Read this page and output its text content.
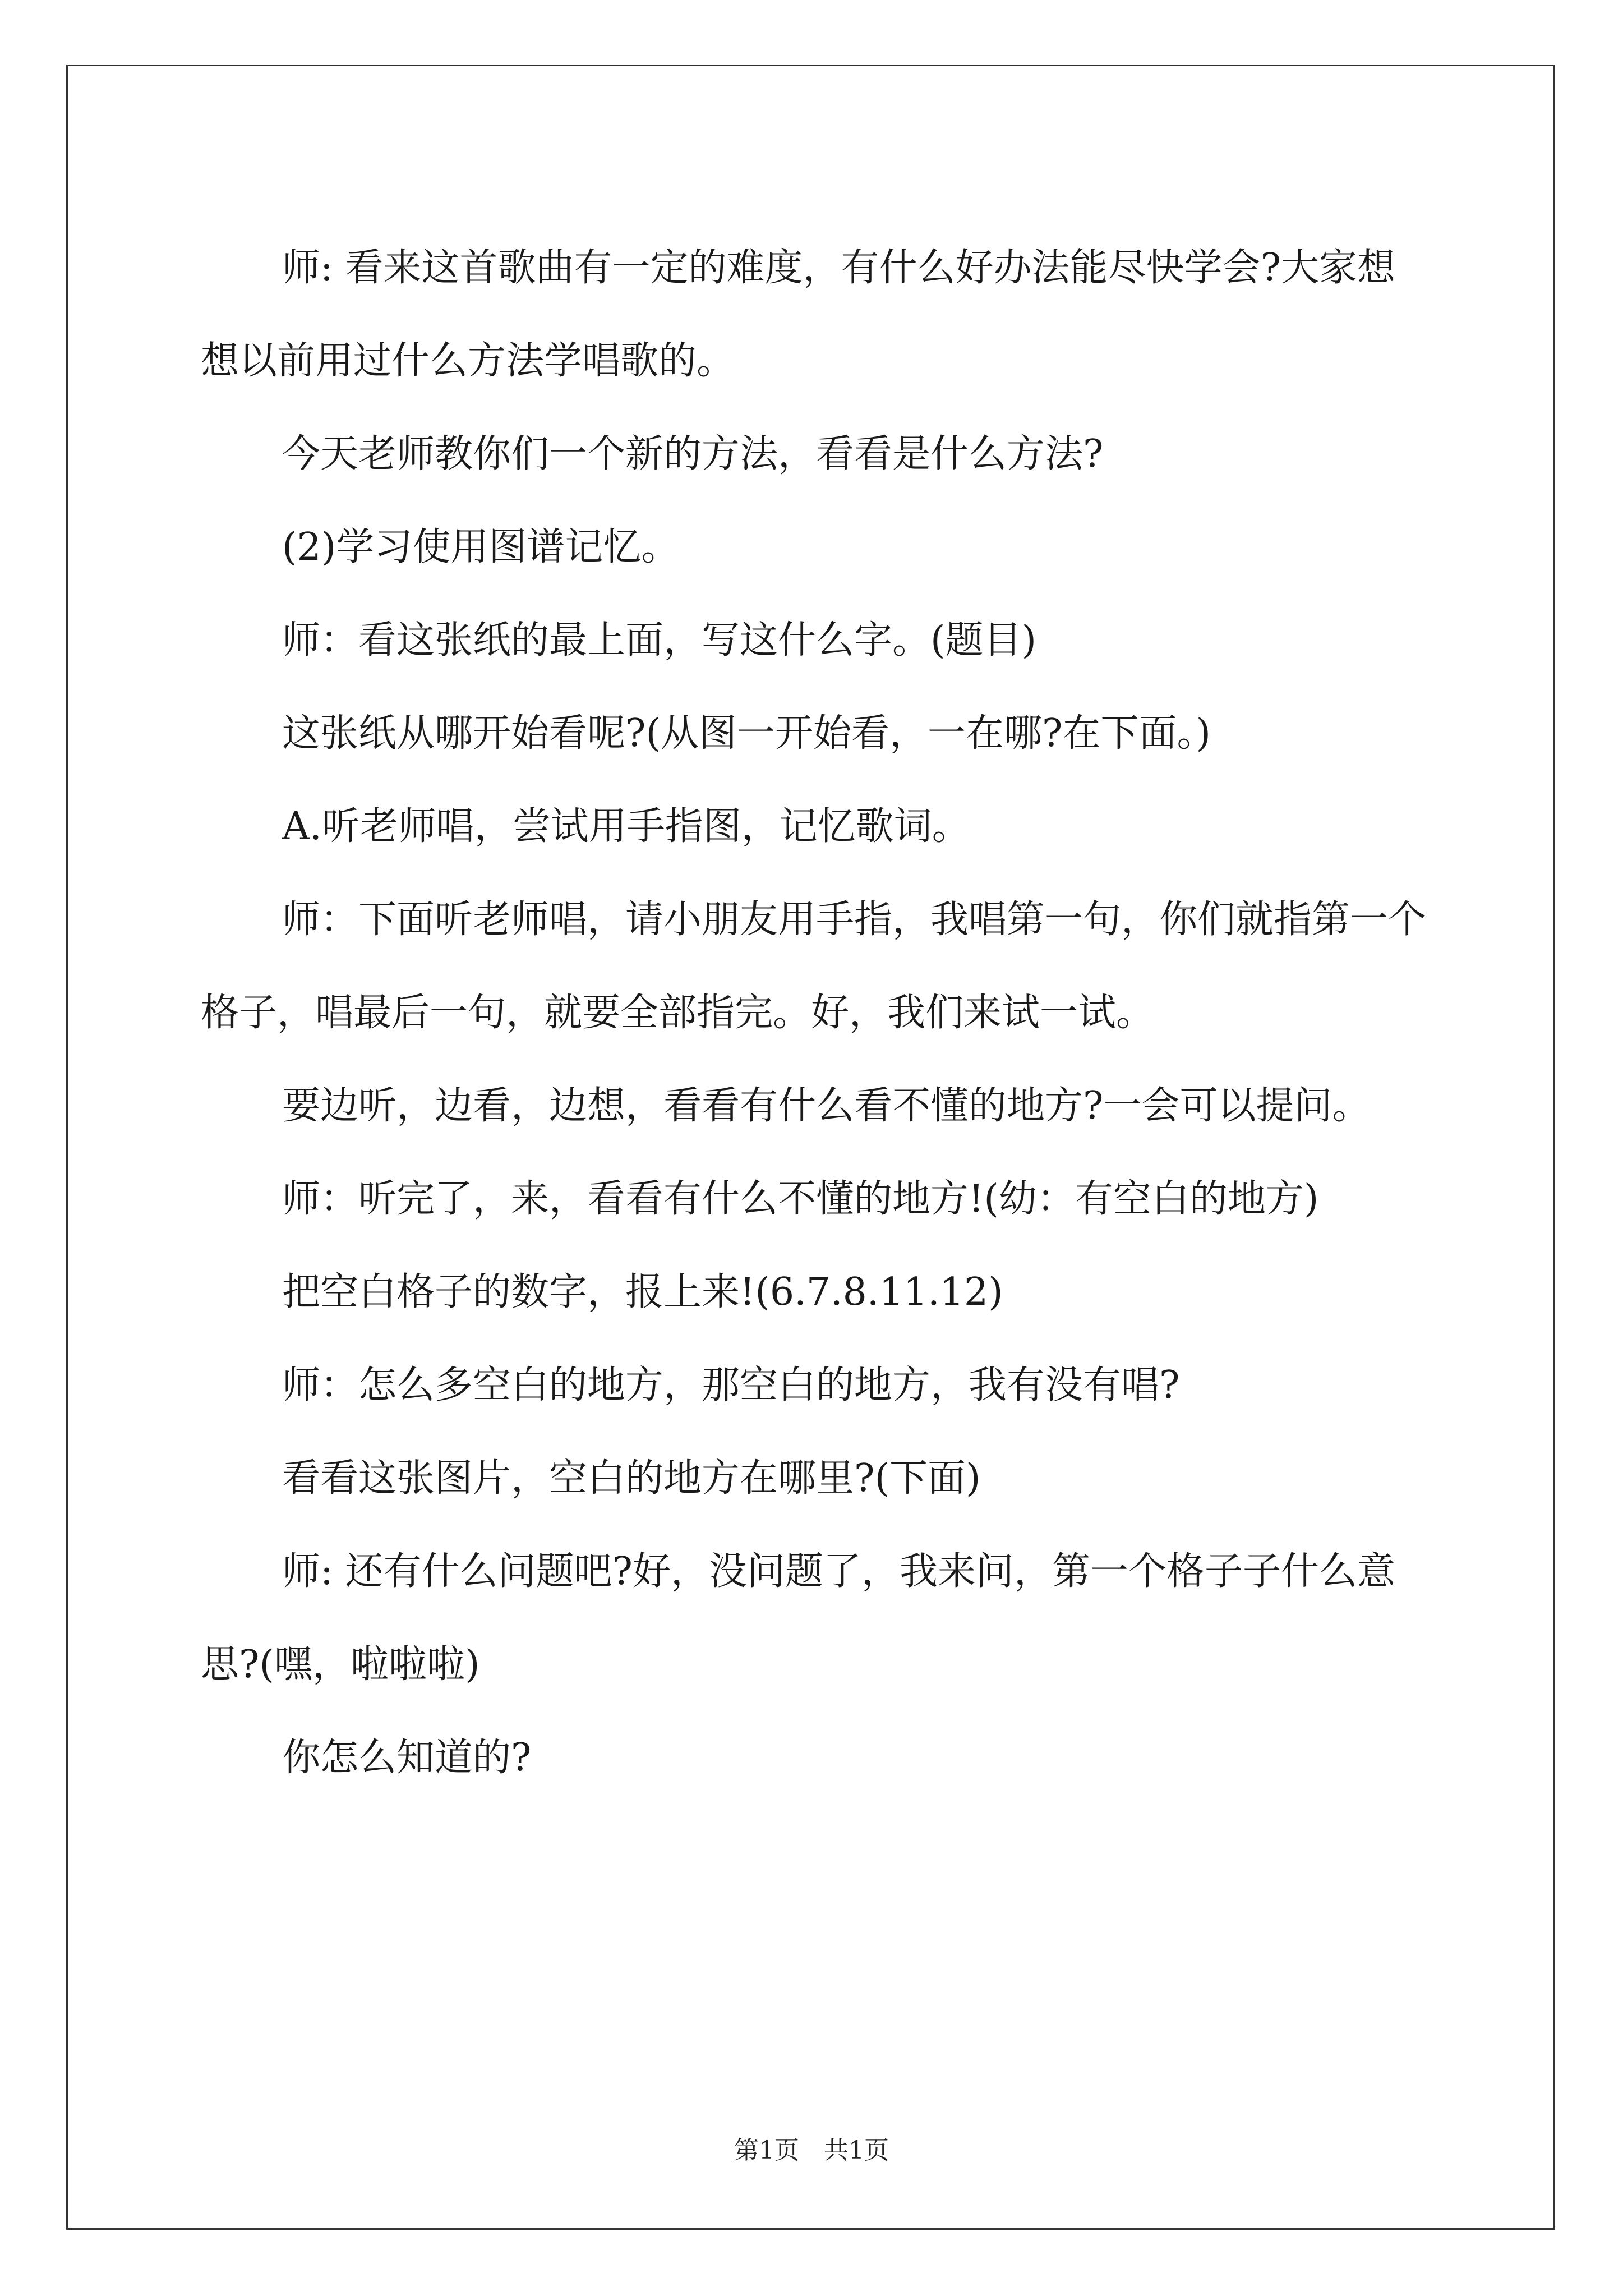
师: 看来这首歌曲有一定的难度，有什么好办法能尽快学会?大家想想以前用过什么方法学唱歌的。

今天老师教你们一个新的方法，看看是什么方法?

(2)学习使用图谱记忆。

师：看这张纸的最上面，写这什么字。(题目)

这张纸从哪开始看呢?(从图一开始看，一在哪?在下面。)

A.听老师唱，尝试用手指图，记忆歌词。

师：下面听老师唱，请小朋友用手指，我唱第一句，你们就指第一个格子，唱最后一句，就要全部指完。好，我们来试一试。

要边听，边看，边想，看看有什么看不懂的地方?一会可以提问。

师：听完了，来，看看有什么不懂的地方!(幼：有空白的地方)

把空白格子的数字，报上来!(6.7.8.11.12)

师：怎么多空白的地方，那空白的地方，我有没有唱?

看看这张图片，空白的地方在哪里?(下面)

师: 还有什么问题吧?好，没问题了，我来问，第一个格子子什么意思?(嘿，啦啦啦)

你怎么知道的?

第1页　共1页
